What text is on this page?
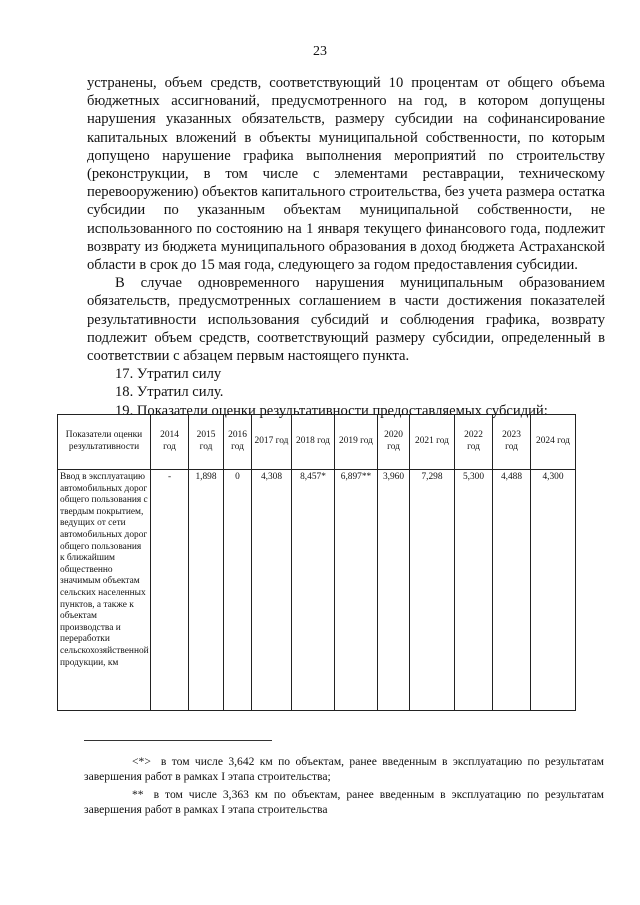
23

устранены, объем средств, соответствующий 10 процентам от общего объема бюджетных ассигнований, предусмотренного на год, в котором допущены нарушения указанных обязательств, размеру субсидии на софинансирование капитальных вложений в объекты муниципальной собственности, по которым допущено нарушение графика выполнения мероприятий по строительству (реконструкции, в том числе с элементами реставрации, техническому перевооружению) объектов капитального строительства, без учета размера остатка субсидии по указанным объектам муниципальной собственности, не использованного по состоянию на 1 января текущего финансового года, подлежит возврату из бюджета муниципального образования в доход бюджета Астраханской области в срок до 15 мая года, следующего за годом предоставления субсидии.

В случае одновременного нарушения муниципальным образованием обязательств, предусмотренных соглашением в части достижения показателей результативности использования субсидий и соблюдения графика, возврату подлежит объем средств, соответствующий размеру субсидии, определенный в соответствии с абзацем первым настоящего пункта.

17. Утратил силу

18. Утратил силу.

19. Показатели оценки результативности предоставляемых субсидий:

Показатели оценки результативности	2014 год	2015 год	2016 год	2017 год	2018 год	2019 год	2020 год	2021 год	2022 год	2023 год	2024 год
Ввод в эксплуатацию автомобильных дорог общего пользования с твердым покрытием, ведущих от сети автомобильных дорог общего пользования к ближайшим общественно значимым объектам сельских населенных пунктов, а также к объектам производства и переработки сельскохозяйственной продукции, км	-	1,898	0	4,308	8,457*	6,897**	3,960	7,298	5,300	4,488	4,300

<*> в том числе 3,642 км по объектам, ранее введенным в эксплуатацию по результатам завершения работ в рамках I этапа строительства;

** в том числе 3,363 км по объектам, ранее введенным в эксплуатацию по результатам завершения работ в рамках I этапа строительства
